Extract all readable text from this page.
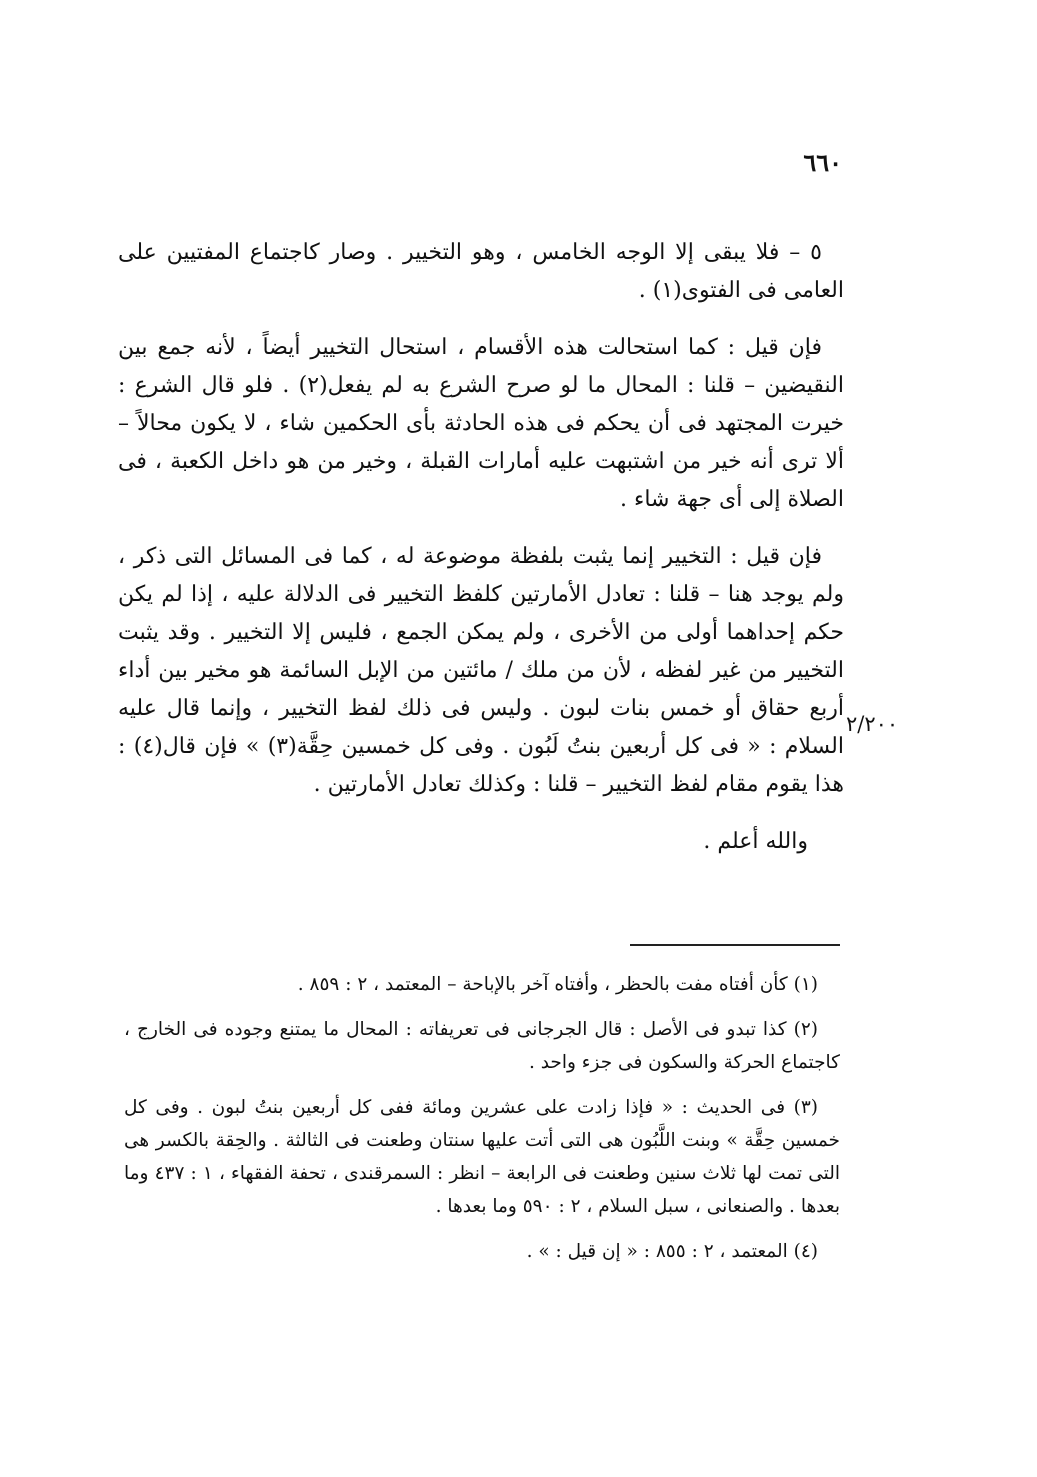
٦٦٠
٢/٢٠٠

٥ – فلا يبقى إلا الوجه الخامس ، وهو التخيير . وصار كاجتماع المفتيين على العامى فى الفتوى(١) .

فإن قيل : كما استحالت هذه الأقسام ، استحال التخيير أيضاً ، لأنه جمع بين النقيضين – قلنا : المحال ما لو صرح الشرع به لم يفعل(٢) . فلو قال الشرع : خيرت المجتهد فى أن يحكم فى هذه الحادثة بأى الحكمين شاء ، لا يكون محالاً – ألا ترى أنه خير من اشتبهت عليه أمارات القبلة ، وخير من هو داخل الكعبة ، فى الصلاة إلى أى جهة شاء .

فإن قيل : التخيير إنما يثبت بلفظة موضوعة له ، كما فى المسائل التى ذكر ، ولم يوجد هنا – قلنا : تعادل الأمارتين كلفظ التخيير فى الدلالة عليه ، إذا لم يكن حكم إحداهما أولى من الأخرى ، ولم يمكن الجمع ، فليس إلا التخيير . وقد يثبت التخيير من غير لفظه ، لأن من ملك / مائتين من الإبل السائمة هو مخير بين أداء أربع حقاق أو خمس بنات لبون . وليس فى ذلك لفظ التخيير ، وإنما قال عليه السلام : « فى كل أربعين بنتُ لَبُون . وفى كل خمسين حِقَّة(٣) » فإن قال(٤) : هذا يقوم مقام لفظ التخيير – قلنا : وكذلك تعادل الأمارتين .

والله أعلم .

(١) كأن أفتاه مفت بالحظر ، وأفتاه آخر بالإباحة – المعتمد ، ٢ : ٨٥٩ .

(٢) كذا تبدو فى الأصل : قال الجرجانى فى تعريفاته : المحال ما يمتنع وجوده فى الخارج ، كاجتماع الحركة والسكون فى جزء واحد .

(٣) فى الحديث : « فإذا زادت على عشرين ومائة ففى كل أربعين بنتُ لبون . وفى كل خمسين حِقَّة » وبنت اللَّبُون هى التى أتت عليها سنتان وطعنت فى الثالثة . والحِقة بالكسر هى التى تمت لها ثلاث سنين وطعنت فى الرابعة – انظر : السمرقندى ، تحفة الفقهاء ، ١ : ٤٣٧ وما بعدها . والصنعانى ، سبل السلام ، ٢ : ٥٩٠ وما بعدها .

(٤) المعتمد ، ٢ : ٨٥٥ : « إن قيل : » .
